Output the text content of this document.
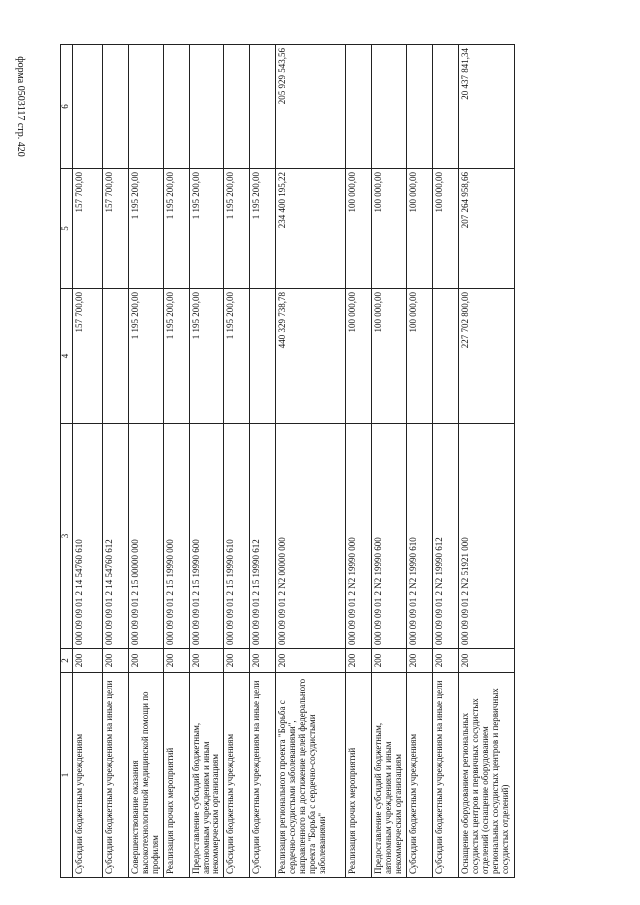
форма 0503117 стр. 420
1	2	3	4	5	6
Субсидии бюджетным учреждениям	200	000 09 09 01 2 14 54760 610	157 700,00	157 700,00	
Субсидии бюджетным учреждениям на иные цели	200	000 09 09 01 2 14 54760 612		157 700,00	
Совершенствование оказания высокотехнологичной медицинской помощи по профилям	200	000 09 09 01 2 15 00000 000	1 195 200,00	1 195 200,00	
Реализация прочих мероприятий	200	000 09 09 01 2 15 19990 000	1 195 200,00	1 195 200,00	
Предоставление субсидий бюджетным, автономным учреждениям и иным некоммерческим организациям	200	000 09 09 01 2 15 19990 600	1 195 200,00	1 195 200,00	
Субсидии бюджетным учреждениям	200	000 09 09 01 2 15 19990 610	1 195 200,00	1 195 200,00	
Субсидии бюджетным учреждениям на иные цели	200	000 09 09 01 2 15 19990 612		1 195 200,00	
Реализация регионального проекта "Борьба с сердечно-сосудистыми заболеваниями", направленного на достижение целей федерального проекта "Борьба с сердечно-сосудистыми заболеваниями"	200	000 09 09 01 2 N2 00000 000	440 329 738,78	234 400 195,22	205 929 543,56
Реализация прочих мероприятий	200	000 09 09 01 2 N2 19990 000	100 000,00	100 000,00	
Предоставление субсидий бюджетным, автономным учреждениям и иным некоммерческим организациям	200	000 09 09 01 2 N2 19990 600	100 000,00	100 000,00	
Субсидии бюджетным учреждениям	200	000 09 09 01 2 N2 19990 610	100 000,00	100 000,00	
Субсидии бюджетным учреждениям на иные цели	200	000 09 09 01 2 N2 19990 612		100 000,00	
Оснащение оборудованием региональных сосудистых центров и первичных сосудистых отделений (оснащение оборудованием региональных сосудистых центров и первичных сосудистых отделений)	200	000 09 09 01 2 N2 51921 000	227 702 800,00	207 264 958,66	20 437 841,34
